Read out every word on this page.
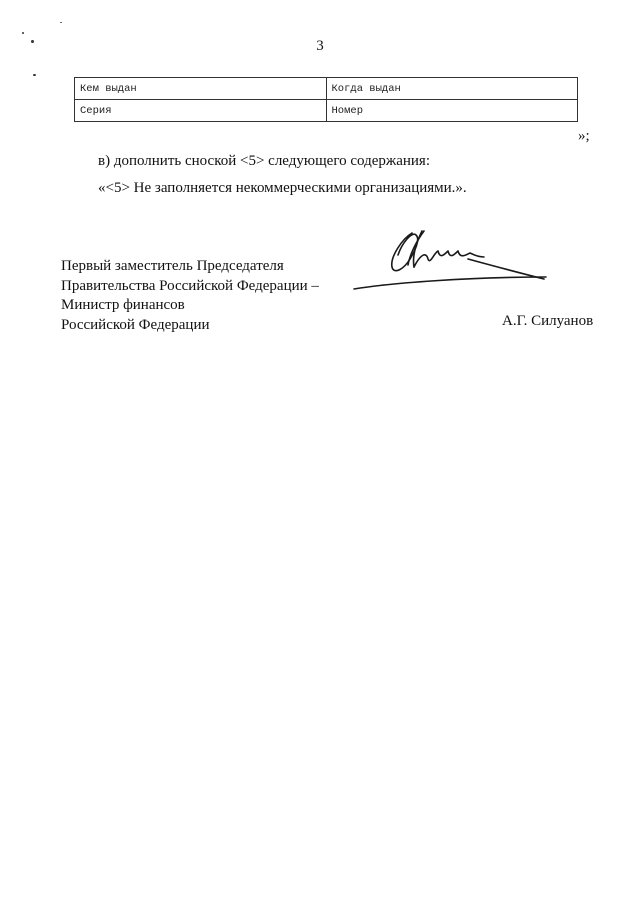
3
Кем выдан	Когда выдан
Серия	Номер
»;
в) дополнить сноской <5> следующего содержания:
«<5> Не заполняется некоммерческими организациями.».
Первый заместитель Председателя
Правительства Российской Федерации –
Министр финансов
Российской Федерации	А.Г. Силуанов
